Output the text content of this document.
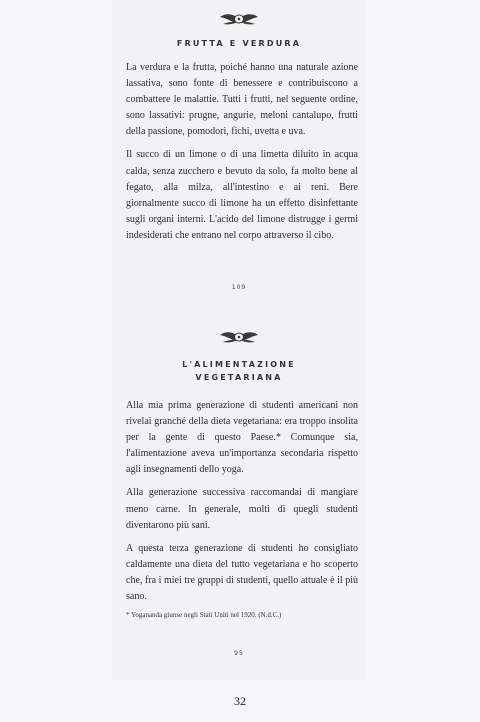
FRUTTA E VERDURA

La verdura e la frutta, poiché hanno una naturale azione lassativa, sono fonte di benessere e contribuiscono a combattere le malattie. Tutti i frutti, nel seguente ordine, sono lassativi: prugne, angurie, meloni cantalupo, frutti della passione, pomodori, fichi, uvetta e uva.

Il succo di un limone o di una limetta diluito in acqua calda, senza zucchero e bevuto da solo, fa molto bene al fegato, alla milza, all'intestino e ai reni. Bere giornalmente succo di limone ha un effetto disinfettante sugli organi interni. L'acido del limone distrugge i germi indesiderati che entrano nel corpo attraverso il cibo.

109
L'ALIMENTAZIONE
VEGETARIANA

Alla mia prima generazione di studenti americani non rivelai granché della dieta vegetariana: era troppo insolita per la gente di questo Paese.* Comunque sia, l'alimentazione aveva un'importanza secondaria rispetto agli insegnamenti dello yoga.

Alla generazione successiva raccomandai di mangiare meno carne. In generale, molti di quegli studenti diventarono più sani.

A questa terza generazione di studenti ho consigliato caldamente una dieta del tutto vegetariana e ho scoperto che, fra i miei tre gruppi di studenti, quello attuale è il più sano.

* Yogananda giunse negli Stati Uniti nel 1920. (N.d.C.)
95
32
